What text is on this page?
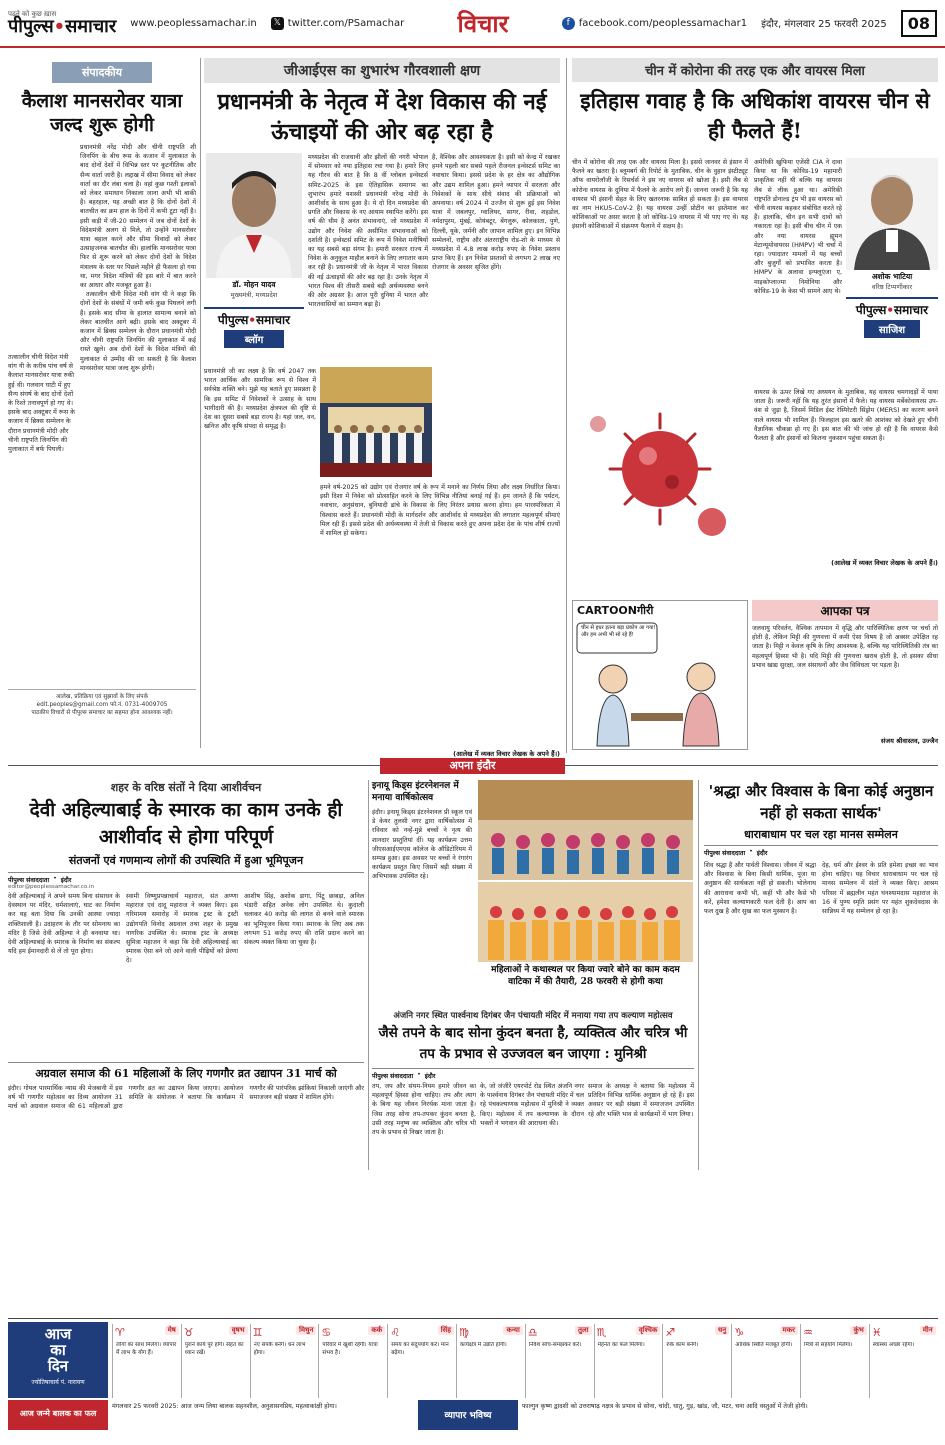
पढ़ने को कुछ ख़ास
पीपुल्स•समाचार www.peoplessamachar.in	𝕏 twitter.com/PSamachar विचार	f facebook.com/peoplessamachar1 इंदौर, मंगलवार 25 फरवरी 2025	08
संपादकीय
कैलाश मानसरोवर यात्रा जल्द शुरू होगी
तत्कालीन चीनी विदेश मंत्री वांग यी के करीब पांच वर्ष से कैलाश मानसरोवर यात्रा रुकी हुई थी। गलवान घाटी में हुए सैन्य संघर्ष के बाद दोनों देशों के रिश्ते तनावपूर्ण हो गए थे। इसके बाद अक्टूबर में रूस के कजान में ब्रिक्स सम्मेलन के दौरान प्रधानमंत्री मोदी और चीनी राष्ट्रपति जिनपिंग की मुलाकात में बर्फ पिघली।

प्रधानमंत्री नरेंद्र मोदी और चीनी राष्ट्रपति शी जिनपिंग के बीच रूस के कजान में मुलाकात के बाद दोनों देशों में विभिन्न स्तर पर कूटनीतिक और सैन्य वार्ता जारी है। लद्दाख में सीमा विवाद को लेकर वार्ता का दौर लंबा चला है। वहां कुछ गश्ती इलाकों को लेकर समाधान निकाला जाना अभी भी बाकी है। बहरहाल, यह अच्छी बात है कि दोनों देशों में बातचीत का क्रम हाल के दिनों में कभी टूटा नहीं है। इसी कड़ी में जी-20 सम्मेलन में जब दोनों देशों के विदेशमंत्री अलग से मिले, तो उन्होंने मानसरोवर यात्रा बहाल करने और सीमा विवादों को लेकर उत्साहजनक बातचीत की। हालांकि मानसरोवर यात्रा फिर से शुरू करने को लेकर दोनों देशों के विदेश मंत्रालय के स्तर पर पिछले महीने ही फैसला हो गया था, मगर विदेश मंत्रियों की इस बारे में बात करने का आधार और मजबूत हुआ है।

तत्कालीन चीनी विदेश मंत्री वांग यी ने कहा कि दोनों देशों के संबंधों में जमी बर्फ कुछ पिघलने लगी है। इसके बाद सीमा के हालात सामान्य बनाने को लेकर बातचीत आगे बढ़ी। इसके बाद अक्टूबर में कजान में ब्रिक्स सम्मेलन के दौरान प्रधानमंत्री मोदी और चीनी राष्ट्रपति जिनपिंग की मुलाकात में कई रास्ते खुले। अब दोनों देशों के विदेश मंत्रियों की मुलाकात से उम्मीद की जा सकती है कि कैलाश मानसरोवर यात्रा जल्द शुरू होगी।

आलेख, प्रतिक्रिया एवं सुझावों के लिए संपर्क
edit.peoples@gmail.com फो.नं. 0731-4009705
पाठकीय विचारों से पीपुल्स समाचार का सहमत होना आवश्यक नहीं।
जीआईएस का शुभारंभ गौरवशाली क्षण
प्रधानमंत्री के नेतृत्व में देश विकास की नई ऊंचाइयों की ओर बढ़ रहा है
डॉ. मोहन यादव
मुख्यमंत्री, मध्यप्रदेश
पीपुल्स•समाचार
ब्लॉग
मध्यप्रदेश की राजधानी और झीलों की नगरी भोपाल में सोमवार को नया इतिहास रचा गया है। हमारे लिए यह गौरव की बात है कि 8 वीं ग्लोबल इन्वेस्टर्स समिट-2025 के इस ऐतिहासिक समागम का शुभारंभ हमारे यशस्वी प्रधानमंत्री नरेन्द्र मोदी के आशीर्वाद के साथ हुआ है। ये दो दिन मध्यप्रदेश की प्रगति और विकास के नए आयाम स्थापित करेंगे। इस वर्ष की थीम है अनंत संभावनाएं, जो मध्यप्रदेश में उद्योग और निवेश की असीमित संभावनाओं को दर्शाती है। इन्वेस्टर्स समिट के रूप में निवेश मनीषियों का यह सबसे बड़ा संगम है। हमारी सरकार राज्य में निवेश के अनुकूल माहौल बनाने के लिए लगातार काम कर रही है। प्रधानमंत्री जी के नेतृत्व में भारत विकास की नई ऊंचाइयों की ओर बढ़ रहा है। उनके नेतृत्व में भारत विश्व की तीसरी सबसे बड़ी अर्थव्यवस्था बनने की ओर अग्रसर है। आज पूरी दुनिया में भारत और भारतवासियों का सम्मान बढ़ा है।
प्रधानमंत्री जी का लक्ष्य है कि वर्ष 2047 तक भारत आर्थिक और सामरिक रूप से विश्व में सर्वश्रेष्ठ शक्ति बने। मुझे यह बताते हुए प्रसन्नता है कि इस समिट में निवेशकों ने उत्साह के साथ भागीदारी की है। मध्यप्रदेश क्षेत्रफल की दृष्टि से देश का दूसरा सबसे बड़ा राज्य है। यहां जल, वन, खनिज और कृषि संपदा से समृद्ध है।
है, वैश्विक और आवश्यकता है। इसी को केन्द्र में रखकर हमने पहली बार सबसे पहले रीजनल इन्वेस्टर्स समिट का नवाचार किया। इससे प्रदेश के हर क्षेत्र का औद्योगिक और उद्यम शामिल हुआ। हमने व्यापार में सरलता और निवेशकों के साथ सीधे संवाद की प्रक्रियाओं को अपनाया। वर्ष 2024 में उज्जैन से शुरू हुई इस निवेश यात्रा में जबलपुर, ग्वालियर, सागर, रीवा, शहडोल, नर्मदापुरम, मुंबई, कोयंबटूर, बेंगलुरू, कोलकाता, पुणे, दिल्ली, यूके, जर्मनी और जापान शामिल हुए। इन विभिन्न सम्मेलनों, राष्ट्रीय और अंतरराष्ट्रीय रोड-शो के माध्यम से मध्यप्रदेश में 4.8 लाख करोड़ रुपए के निवेश प्रस्ताव प्राप्त किए हैं। इन निवेश प्रस्तावों से लगभग 2 लाख नए रोजगार के अवसर सृजित होंगे।
हमने वर्ष-2025 को उद्योग एवं रोजगार वर्ष के रूप में मनाने का निर्णय लिया और लक्ष्य निर्धारित किया। इसी दिशा में निवेश को प्रोत्साहित करने के लिए विभिन्न नीतियां बनाई गई हैं। हम जानते हैं कि पर्यटन, नवाचार, अनुसंधान, बुनियादी ढांचे के विकास के लिए निरंतर प्रयास करना होगा। हम पारस्परिकता में विश्वास करते हैं। प्रधानमंत्री मोदी के मार्गदर्शन और आशीर्वाद से मध्यप्रदेश की लगातार महत्वपूर्ण सीमाएं मिल रही हैं। इससे प्रदेश की अर्थव्यवस्था में तेजी से विकास करते हुए अपना प्रदेश देश के पांच शीर्ष राज्यों में शामिल हो सकेगा।
(आलेख में व्यक्त विचार लेखक के अपने हैं।)
चीन में कोरोना की तरह एक और वायरस मिला
इतिहास गवाह है कि अधिकांश वायरस चीन से ही फैलते हैं!
चीन में कोरोना की तरह एक और वायरस मिला है। इससे जानवर से इंसान में फैलने का खतरा है। ब्लूमबर्ग की रिपोर्ट के मुताबिक, चीन के वुहान इंस्टीट्यूट ऑफ वायरोलॉजी के रिसर्चर्स ने इस नए वायरस को खोजा है। इसी लैब से कोरोना वायरस के दुनिया में फैलने के आरोप लगे हैं। जानना जरूरी है कि यह वायरस भी इंसानी सेहत के लिए खतरनाक साबित हो सकता है। इस वायरस का नाम HKU5-CoV-2 है। यह वायरस उन्हीं प्रोटीन का इस्तेमाल कर कोशिकाओं पर असर करता है जो कोविड-19 वायरस में भी पाए गए थे। यह इंसानी कोशिकाओं में संक्रमण फैलाने में सक्षम है।
वायरस के ऊपर लिखे गए अध्ययन के मुताबिक, यह वायरस चमगादड़ों में पाया जाता है। जरूरी नहीं कि यह तुरंत इंसानों में फैले। यह वायरस मर्बेकोवायरस उप-वंश से जुड़ा है, जिसमें मिडिल ईस्ट रेस्पिरेटरी सिंड्रोम (MERS) का कारण बनने वाले वायरस भी शामिल हैं। फिलहाल इस खतरे की आशंका को देखते हुए चीनी वैज्ञानिक चौकन्ना हो गए हैं। इस बात की भी जांच हो रही है कि वायरस कैसे फैलता है और इंसानों को कितना नुकसान पहुंचा सकता है।
अमेरिकी खुफिया एजेंसी CIA ने दावा किया था कि कोविड-19 महामारी प्राकृतिक नहीं थी बल्कि यह वायरस लैब से लीक हुआ था। अमेरिकी राष्ट्रपति डोनाल्ड ट्रंप भी इस वायरस को चीनी वायरस कहकर संबोधित करते रहे हैं। हालांकि, चीन इन सभी दावों को नकारता रहा है। इसी बीच चीन में एक और नया वायरस ह्यूमन मेटान्यूमोवायरस (HMPV) भी चर्चा में रहा। ज्यादातर मामलों में यह बच्चों और बुजुर्गों को प्रभावित करता है। HMPV के अलावा इन्फ्लूएंजा ए, माइकोप्लाज्मा निमोनिया और कोविड-19 के केस भी सामने आए थे।
अशोक भाटिया
वरिष्ठ टिप्पणीकार
पीपुल्स•समाचार
साजिश
(आलेख में व्यक्त विचार लेखक के अपने हैं।)
CARTOONगीरी
चीन से इधर इतना बड़ा प्रकोप आ गया! और हम अभी भी सो रहे हैं!
आपका पत्र
जलवायु परिवर्तन, वैश्विक तापमान में वृद्धि और पारिस्थितिक क्षरण पर चर्चा तो होती है, लेकिन मिट्टी की गुणवत्ता में कमी ऐसा विषय है जो अक्सर उपेक्षित रह जाता है। मिट्टी न केवल कृषि के लिए आवश्यक है, बल्कि यह पारिस्थितिकी तंत्र का महत्वपूर्ण हिस्सा भी है। यदि मिट्टी की गुणवत्ता खराब होती है, तो इसका सीधा प्रभाव खाद्य सुरक्षा, जल संसाधनों और जैव विविधता पर पड़ता है।
संजय श्रीवास्तव, उज्जैन
अपना इंदौर
शहर के वरिष्ठ संतों ने दिया आशीर्वचन
देवी अहिल्याबाई के स्मारक का काम उनके ही आशीर्वाद से होगा परिपूर्ण
संतजनों एवं गणमान्य लोगों की उपस्थिति में हुआ भूमिपूजन
पीपुल्स संवाददाता • इंदौर
editor@peoplessamachar.co.in
देवी अहिल्याबाई ने अपने समय बिना संसाधन के देवस्थान पर मंदिर, धर्मशालाएं, घाट का निर्माण कर यह बता दिया कि उनकी आस्था ज्यादा शक्तिशाली है। उदाहरण के तौर पर सोमनाथ का मंदिर है जिसे देवी अहिल्या ने ही बनवाया था। देवी अहिल्याबाई के स्मारक के निर्माण का संकल्प यदि हम ईमानदारी से लें तो पूरा होगा।
स्वामी विष्णुप्रपन्नाचार्य महाराज, संत अण्णा महाराज एवं दादू महाराज ने व्यक्त किए। इस गरिमामय समारोह में स्मारक ट्रस्ट के ट्रस्टी उद्योगपति विनोद अग्रवाल तथा शहर के प्रमुख नागरिक उपस्थित थे। स्मारक ट्रस्ट के अध्यक्ष सुमित्रा महाजन ने कहा कि देवी अहिल्याबाई का स्मारक ऐसा बने जो आने वाली पीढ़ियों को प्रेरणा दे।
आशीष सिंह, अशोक डागा, पिंटू छाबड़ा, अनिल भंडारी सहित अनेक लोग उपस्थित थे। कुदाली चलाकर 40 करोड़ की लागत से बनने वाले स्मारक का भूमिपूजन किया गया। स्मारक के लिए अब तक लगभग 51 करोड़ रुपए की राशि प्रदान करने का संकल्प व्यक्त किया जा चुका है।
अग्रवाल समाज की 61 महिलाओं के लिए गणगौर व्रत उद्यापन 31 मार्च को
इंदौर। गोयल पारमार्थिक न्यास की मेजबानी में इस वर्ष भी गणगौर महोत्सव का दिव्य आयोजन 31 मार्च को अग्रवाल समाज की 61 महिलाओं द्वारा गणगौर व्रत का उद्यापन किया जाएगा। आयोजन समिति के संयोजक ने बताया कि कार्यक्रम में गणगौर की पारंपरिक झांकियां निकाली जाएंगी और समाजजन बड़ी संख्या में शामिल होंगे।
इनायू किड्स इंटरनेशनल में मनाया वार्षिकोत्सव
इंदौर। इनायू किड्स इंटरनेशनल प्री स्कूल एवं डे केयर तुलसी नगर द्वारा वार्षिकोत्सव में रविवार को नन्हें-मुन्ने बच्चों ने नृत्य की शानदार प्रस्तुतियां दीं। यह कार्यक्रम उत्तम जीएसआईएमएस कॉलेज के ऑडिटोरियम में सम्पन्न हुआ। इस अवसर पर बच्चों ने रंगारंग कार्यक्रम प्रस्तुत किए जिसमें बड़ी संख्या में अभिभावक उपस्थित रहे।
महिलाओं ने कथास्थल पर किया ज्वारे बोने का काम कदम वाटिका में की तैयारी, 28 फरवरी से होगी कथा
'श्रद्धा और विश्वास के बिना कोई अनुष्ठान नहीं हो सकता सार्थक'
धाराबाधाम पर चल रहा मानस सम्मेलन
पीपुल्स संवाददाता • इंदौर
शिव श्रद्धा है और पार्वती विश्वास। जीवन में श्रद्धा और विश्वास के बिना किसी धार्मिक, पूजा या अनुष्ठान की सार्थकता नहीं हो सकती। भोलेनाथ की आराधना कभी भी, कहीं भी और कैसे भी करें, हमेशा कल्याणकारी फल देती है। आप का फल दुख है और सुख का फल मुस्कान है।
देह, धर्म और ईश्वर के प्रति हमेशा इच्छा का भाव होना चाहिए। यह विचार धाराबाधाम पर चल रहे मानस सम्मेलन में संतों ने व्यक्त किए। आश्रम परिसर में ब्रह्मलीन महंत घनश्यामदास महाराज के 16 वें पुण्य स्मृति प्रसंग पर महंत शुकदेवदास के सान्निध्य में यह सम्मेलन हो रहा है।
अंजनि नगर स्थित पार्श्वनाथ दिगंबर जैन पंचायती मंदिर में मनाया गया तप कल्याण महोत्सव
जैसे तपने के बाद सोना कुंदन बनता है, व्यक्तित्व और चरित्र भी तप के प्रभाव से उज्जवल बन जाएगा : मुनिश्री
पीपुल्स संवाददाता • इंदौर
तप, जप और संयम-नियम हमारे जीवन का महत्वपूर्ण हिस्सा होना चाहिए। तप और त्याग के बिना यह जीवन निरर्थक माना जाता है। जिस तरह सोना तप-तपकर कुंदन बनता है, उसी तरह मनुष्य का व्यक्तित्व और चरित्र भी तप के प्रभाव से निखर जाता है।
के, जो जंजीरें एयरपोर्ट रोड स्थित अंजनि नगर के पार्श्वनाथ दिगंबर जैन पंचायती मंदिर में चल रहे पंचकल्याणक महोत्सव में मुनिश्री ने व्यक्त किए। महोत्सव में तप कल्याणक के दौरान भक्तों ने भगवान की आराधना की।
समाज के अध्यक्ष ने बताया कि महोत्सव में प्रतिदिन विभिन्न धार्मिक अनुष्ठान हो रहे हैं। इस अवसर पर बड़ी संख्या में समाजजन उपस्थित रहे और भक्ति भाव से कार्यक्रमों में भाग लिया।
आज
का
दिन
ज्योतिषाचार्य पं. नारायण
♈	मेष
लोगों का साथ मिलेगा। व्यापार में लाभ के योग हैं।
♉	वृषभ
पुराने कार्य पूरे होंगे। सेहत का ध्यान रखें।
♊	मिथुन
नए संपर्क बनेंगे। धन लाभ होगा।
♋	कर्क
परिवार में खुशी रहेगी। यात्रा संभव है।
♌	सिंह
समय का सदुपयोग करें। मान बढ़ेगा।
♍	कन्या
कार्यक्षेत्र में उन्नति होगी।
♎	तुला
निवेश सोच-समझकर करें।
♏	वृश्चिक
मेहनत का फल मिलेगा।
♐	धनु
रुके काम बनेंगे।
♑	मकर
आर्थिक स्थिति मजबूत होगी।
♒	कुंभ
मित्रों से सहयोग मिलेगा।
♓	मीन
स्वास्थ्य अच्छा रहेगा।
आज जन्मे बालक का फल
मंगलवार 25 फरवरी 2025: आज जन्म लिया बालक सहनशील, अनुशासनप्रिय, महत्वाकांक्षी होगा।
व्यापार भविष्य
फाल्गुन कृष्ण द्वादशी को उत्तराषाढ़ नक्षत्र के प्रभाव से सोना, चांदी, धातु, गुड़, खांड, जौ, मटर, चना आदि वस्तुओं में तेजी होगी।
